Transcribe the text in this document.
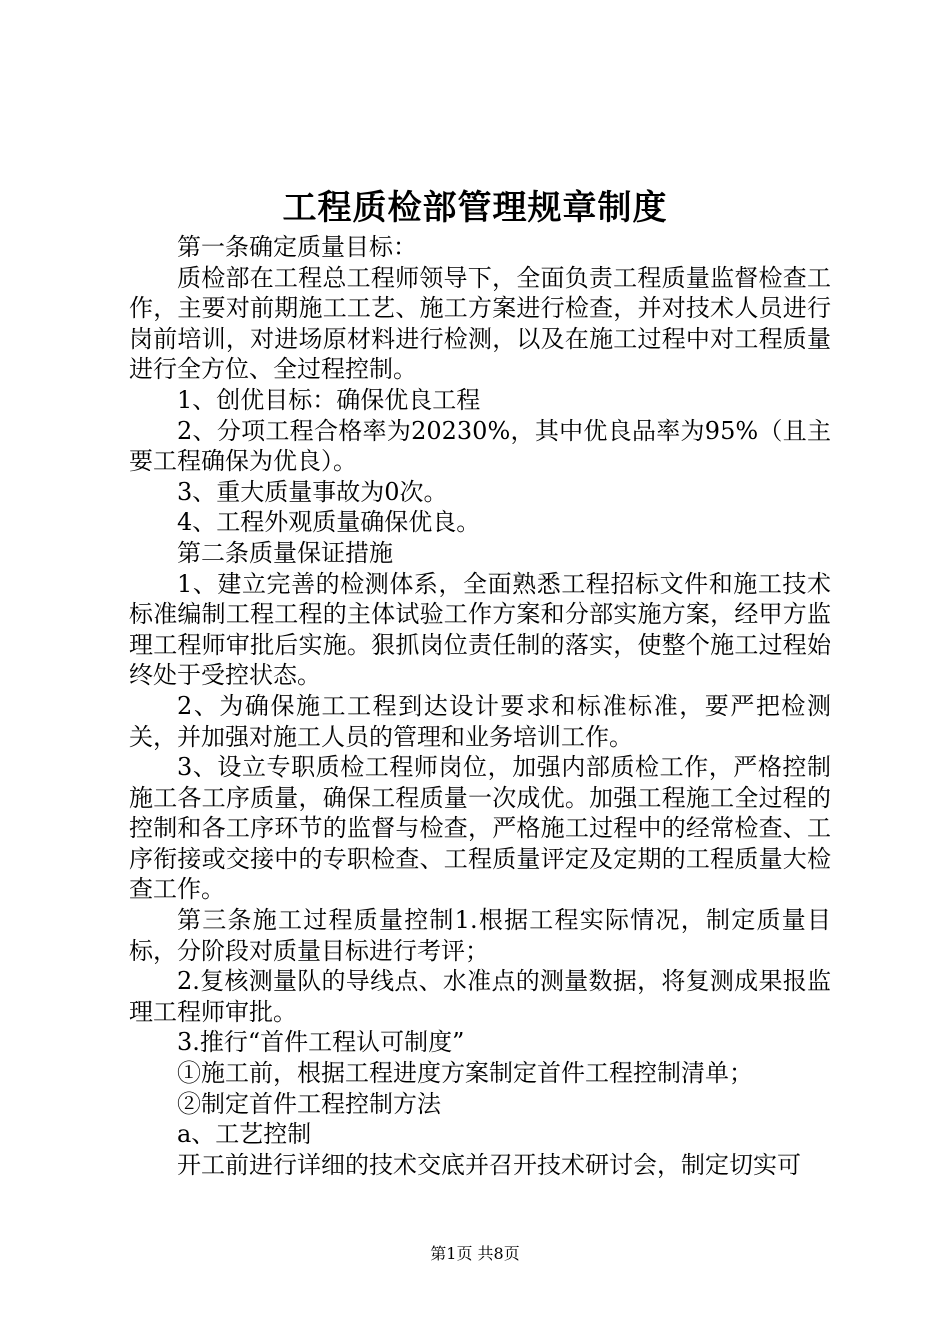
工程质检部管理规章制度

第一条确定质量目标：

质检部在工程总工程师领导下，全面负责工程质量监督检查工作，主要对前期施工工艺、施工方案进行检查，并对技术人员进行岗前培训，对进场原材料进行检测，以及在施工过程中对工程质量进行全方位、全过程控制。

1、创优目标：确保优良工程

2、分项工程合格率为20230%，其中优良品率为95%（且主要工程确保为优良）。

3、重大质量事故为0次。

4、工程外观质量确保优良。

第二条质量保证措施

1、建立完善的检测体系，全面熟悉工程招标文件和施工技术标准编制工程工程的主体试验工作方案和分部实施方案，经甲方监理工程师审批后实施。狠抓岗位责任制的落实，使整个施工过程始终处于受控状态。

2、为确保施工工程到达设计要求和标准标准，要严把检测关，并加强对施工人员的管理和业务培训工作。

3、设立专职质检工程师岗位，加强内部质检工作，严格控制施工各工序质量，确保工程质量一次成优。加强工程施工全过程的控制和各工序环节的监督与检查，严格施工过程中的经常检查、工序衔接或交接中的专职检查、工程质量评定及定期的工程质量大检查工作。

第三条施工过程质量控制1.根据工程实际情况，制定质量目标，分阶段对质量目标进行考评；

2.复核测量队的导线点、水准点的测量数据，将复测成果报监理工程师审批。

3.推行“首件工程认可制度”

①施工前，根据工程进度方案制定首件工程控制清单；

②制定首件工程控制方法

a、工艺控制

开工前进行详细的技术交底并召开技术研讨会，制定切实可

第1页 共8页
